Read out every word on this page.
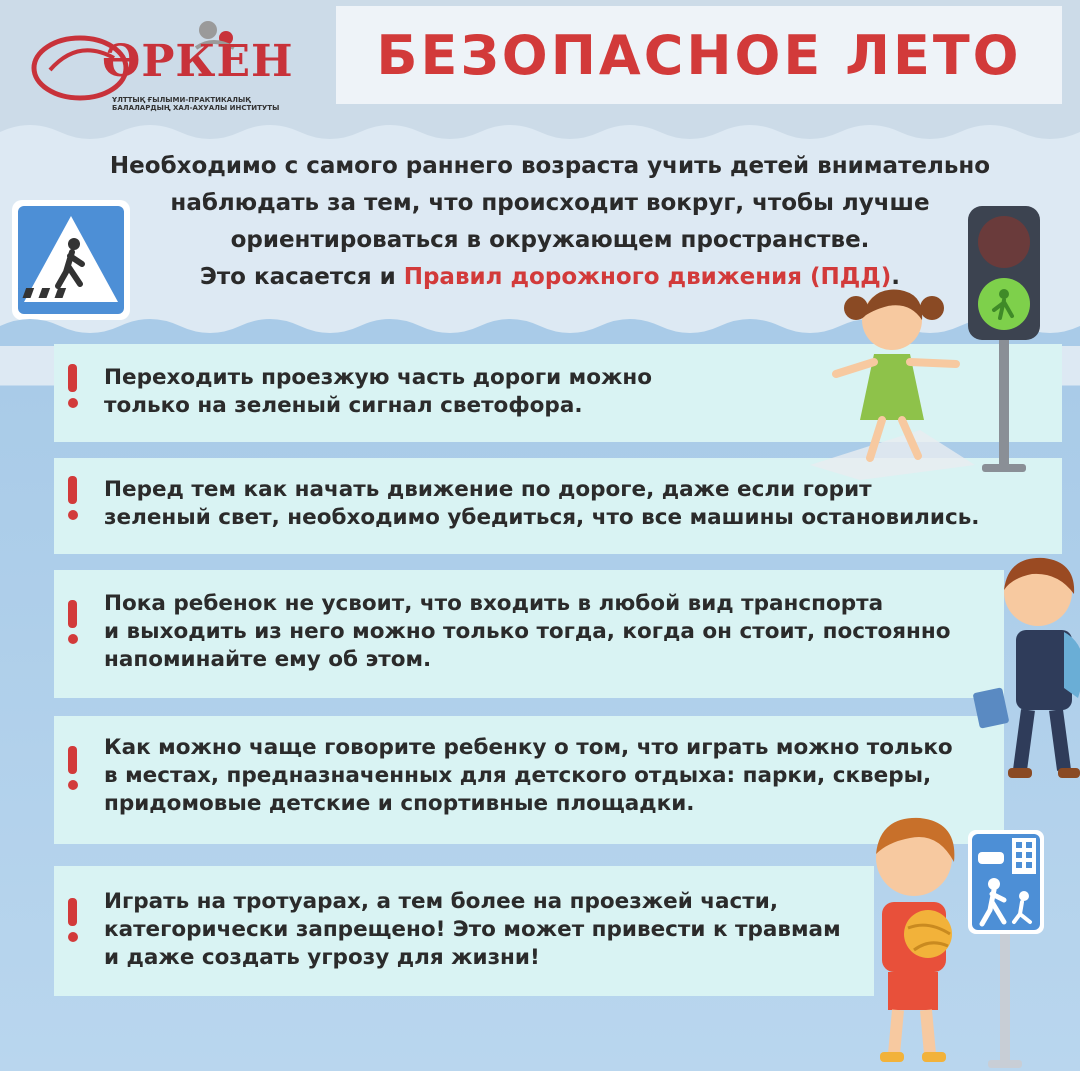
ӘРКЕН
ҰЛТТЫҚ ҒЫЛЫМИ-ПРАКТИКАЛЫҚ
БАЛАЛАРДЫҢ ХАЛ-АХУАЛЫ ИНСТИТУТЫ
БЕЗОПАСНОЕ ЛЕТО
Необходимо с самого раннего возраста учить детей внимательно
наблюдать за тем, что происходит вокруг, чтобы лучше
ориентироваться в окружающем пространстве.
Это касается и Правил дорожного движения (ПДД).
Переходить проезжую часть дороги можно
только на зеленый сигнал светофора.
Перед тем как начать движение по дороге, даже если горит
зеленый свет, необходимо убедиться, что все машины остановились.
Пока ребенок не усвоит, что входить в любой вид транспорта
и выходить из него можно только тогда, когда он стоит, постоянно
напоминайте ему об этом.
Как можно чаще говорите ребенку о том, что играть можно только
в местах, предназначенных для детского отдыха: парки, скверы,
придомовые детские и спортивные площадки.
Играть на тротуарах, а тем более на проезжей части,
категорически запрещено! Это может привести к травмам
и даже создать угрозу для жизни!
